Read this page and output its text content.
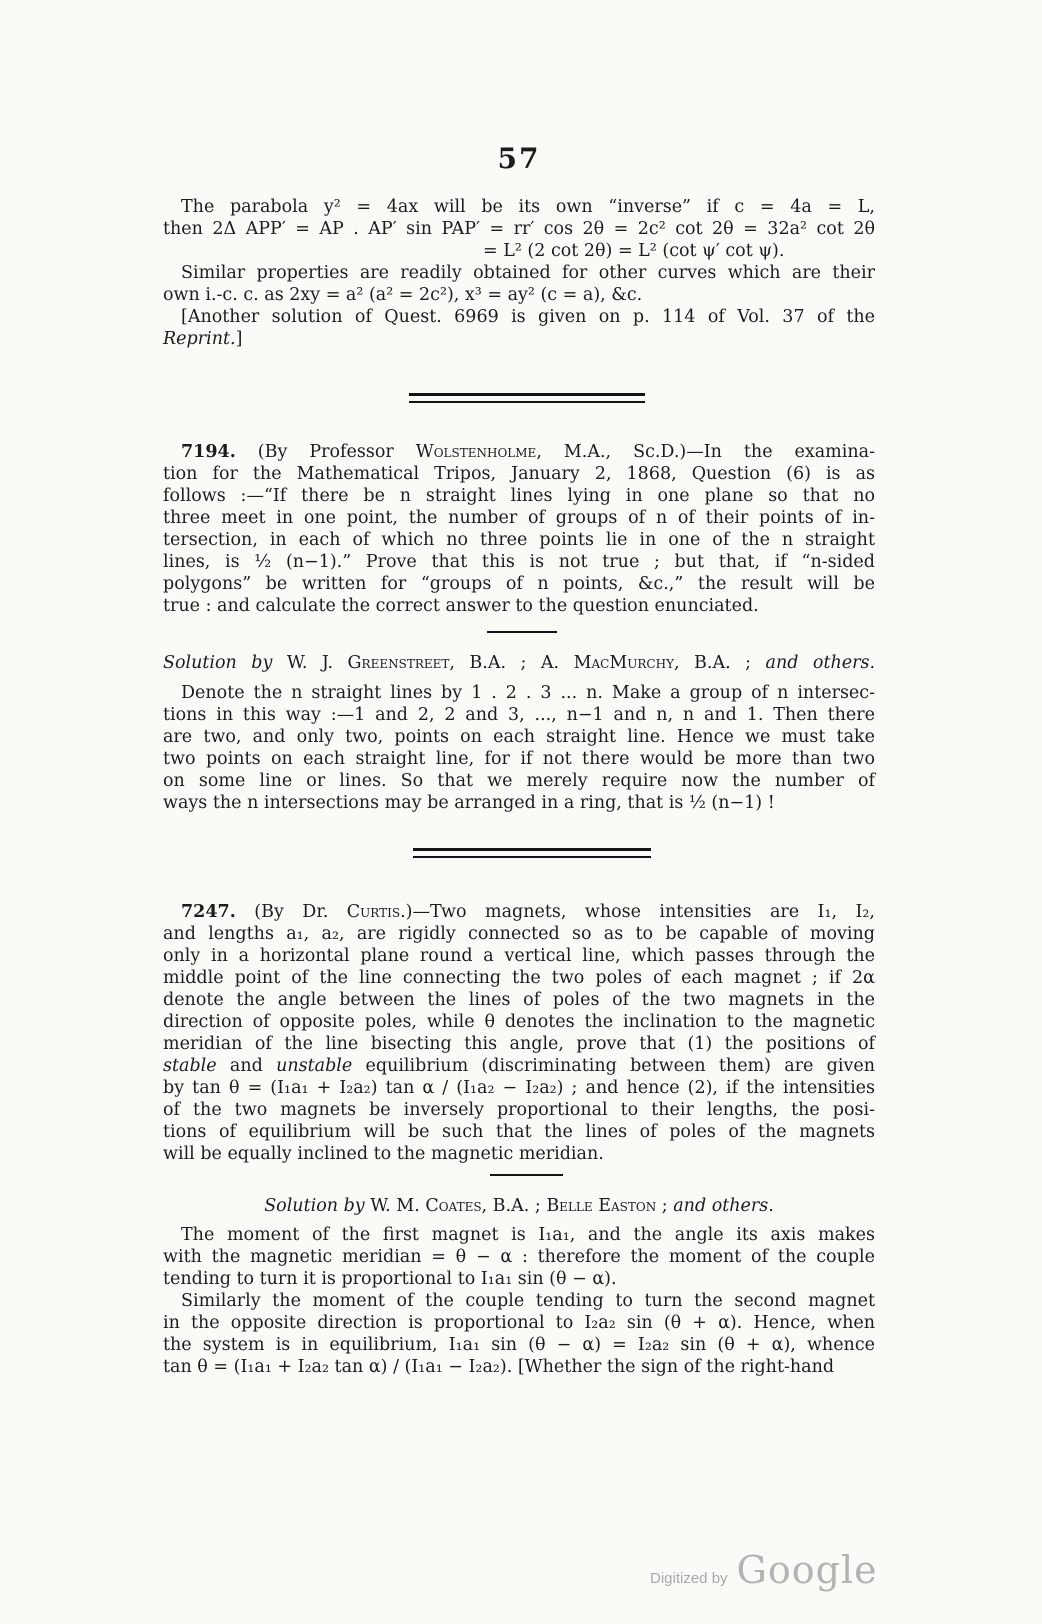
57
The parabola y² = 4ax will be its own “inverse” if c = 4a = L,
then 2Δ APP′ = AP . AP′ sin PAP′ = rr′ cos 2θ = 2c² cot 2θ = 32a² cot 2θ
= L² (2 cot 2θ) = L² (cot ψ′ cot ψ).
Similar properties are readily obtained for other curves which are their
own i.-c. c. as 2xy = a² (a² = 2c²), x³ = ay² (c = a), &c.
[Another solution of Quest. 6969 is given on p. 114 of Vol. 37 of the
Reprint.]
7194. (By Professor Wolstenholme, M.A., Sc.D.)—In the examina-
tion for the Mathematical Tripos, January 2, 1868, Question (6) is as
follows :—“If there be n straight lines lying in one plane so that no
three meet in one point, the number of groups of n of their points of in-
tersection, in each of which no three points lie in one of the n straight
lines, is ½ (n−1).” Prove that this is not true ; but that, if “n-sided
polygons” be written for “groups of n points, &c.,” the result will be
true : and calculate the correct answer to the question enunciated.
Solution by W. J. Greenstreet, B.A. ; A. MacMurchy, B.A. ; and others.
Denote the n straight lines by 1 . 2 . 3 ... n. Make a group of n intersec-
tions in this way :—1 and 2, 2 and 3, ..., n−1 and n, n and 1. Then there
are two, and only two, points on each straight line. Hence we must take
two points on each straight line, for if not there would be more than two
on some line or lines. So that we merely require now the number of
ways the n intersections may be arranged in a ring, that is ½ (n−1) !
7247. (By Dr. Curtis.)—Two magnets, whose intensities are I₁, I₂,
and lengths a₁, a₂, are rigidly connected so as to be capable of moving
only in a horizontal plane round a vertical line, which passes through the
middle point of the line connecting the two poles of each magnet ; if 2α
denote the angle between the lines of poles of the two magnets in the
direction of opposite poles, while θ denotes the inclination to the magnetic
meridian of the line bisecting this angle, prove that (1) the positions of
stable and unstable equilibrium (discriminating between them) are given
by tan θ = (I₁a₁ + I₂a₂) tan α / (I₁a₂ − I₂a₂) ; and hence (2), if the intensities
of the two magnets be inversely proportional to their lengths, the posi-
tions of equilibrium will be such that the lines of poles of the magnets
will be equally inclined to the magnetic meridian.
Solution by W. M. Coates, B.A. ; Belle Easton ; and others.
The moment of the first magnet is I₁a₁, and the angle its axis makes
with the magnetic meridian = θ − α : therefore the moment of the couple
tending to turn it is proportional to I₁a₁ sin (θ − α).
Similarly the moment of the couple tending to turn the second magnet
in the opposite direction is proportional to I₂a₂ sin (θ + α). Hence, when
the system is in equilibrium, I₁a₁ sin (θ − α) = I₂a₂ sin (θ + α), whence
tan θ = (I₁a₁ + I₂a₂ tan α) / (I₁a₁ − I₂a₂). [Whether the sign of the right-hand
Digitized by Google
